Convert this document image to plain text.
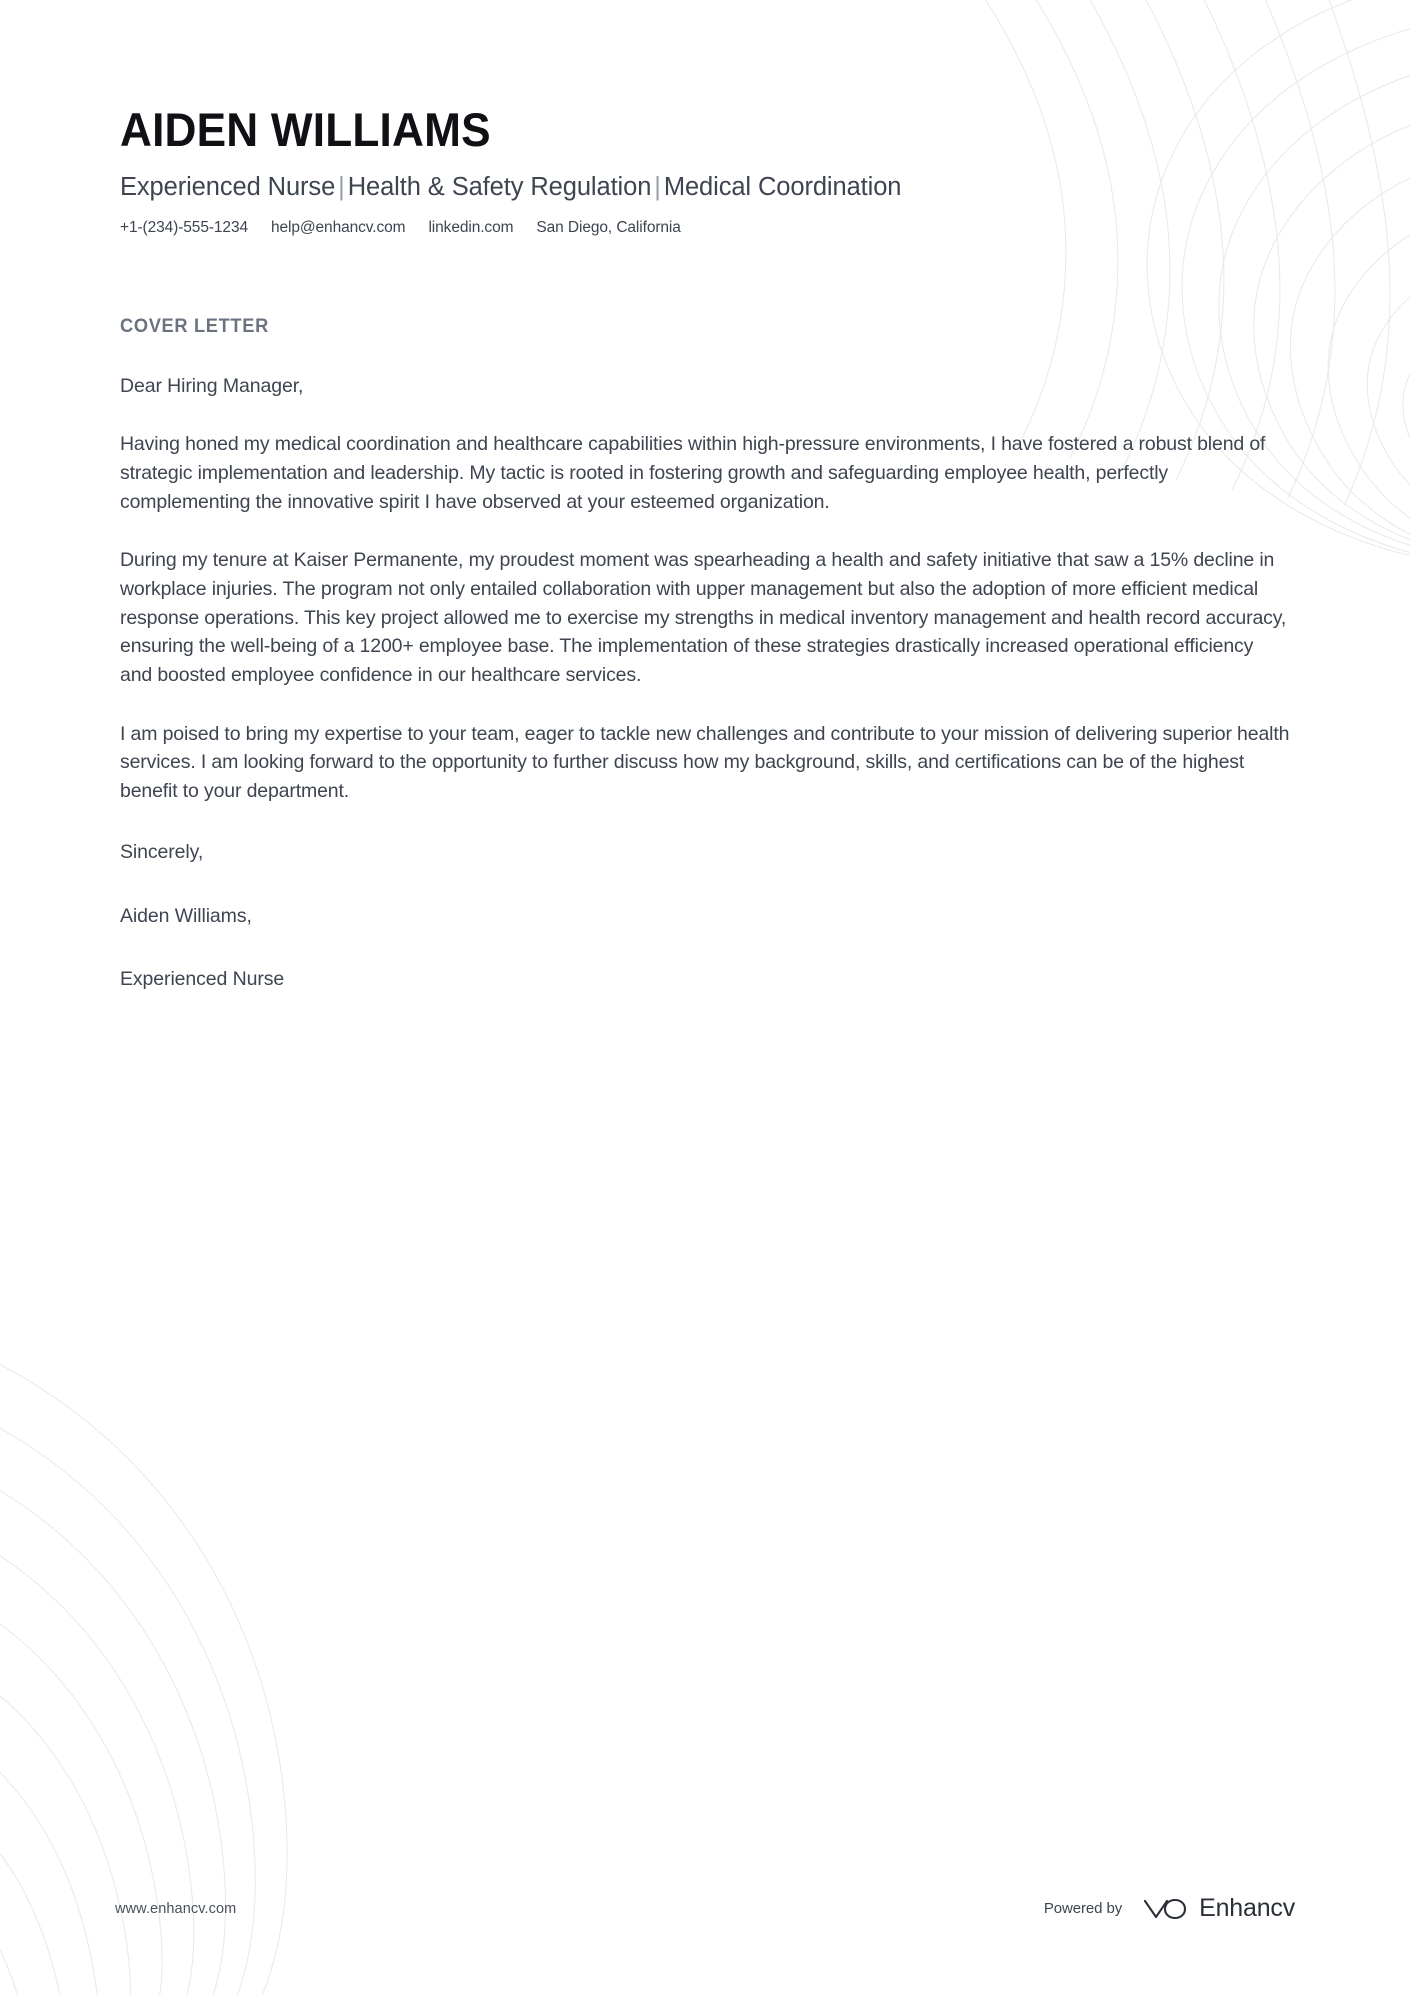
AIDEN WILLIAMS
Experienced Nurse | Health & Safety Regulation | Medical Coordination
+1-(234)-555-1234 help@enhancv.com linkedin.com San Diego, California
COVER LETTER

Dear Hiring Manager,

Having honed my medical coordination and healthcare capabilities within high-pressure environments, I have fostered a robust blend of strategic implementation and leadership. My tactic is rooted in fostering growth and safeguarding employee health, perfectly complementing the innovative spirit I have observed at your esteemed organization.

During my tenure at Kaiser Permanente, my proudest moment was spearheading a health and safety initiative that saw a 15% decline in workplace injuries. The program not only entailed collaboration with upper management but also the adoption of more efficient medical response operations. This key project allowed me to exercise my strengths in medical inventory management and health record accuracy, ensuring the well-being of a 1200+ employee base. The implementation of these strategies drastically increased operational efficiency and boosted employee confidence in our healthcare services.

I am poised to bring my expertise to your team, eager to tackle new challenges and contribute to your mission of delivering superior health services. I am looking forward to the opportunity to further discuss how my background, skills, and certifications can be of the highest benefit to your department.

Sincerely,

Aiden Williams,

Experienced Nurse

www.enhancv.com	Powered by	Enhancv
